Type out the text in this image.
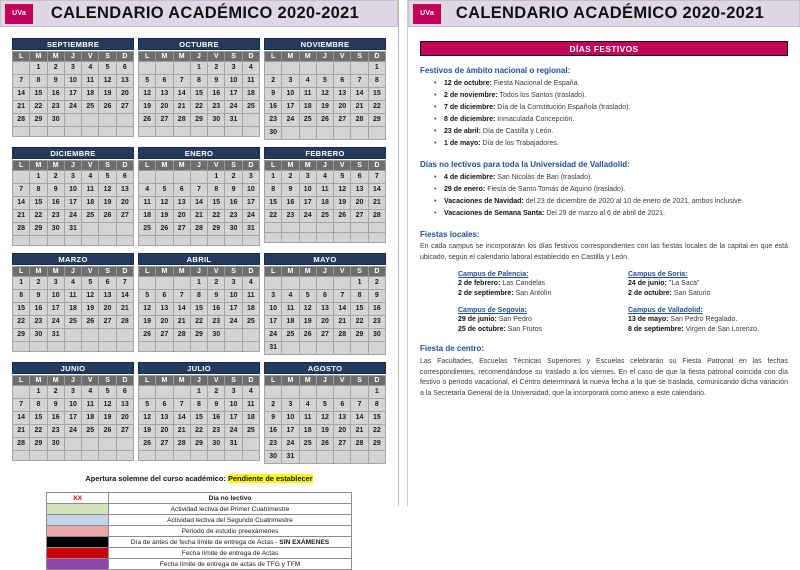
UVa	CALENDARIO ACADÉMICO 2020-2021
SEPTIEMBRE
L	M	M	J	V	S	D
	1	2	3	4	5	6
7	8	9	10	11	12	13
14	15	16	17	18	19	20
21	22	23	24	25	26	27
28	29	30				

OCTUBRE
L	M	M	J	V	S	D
			1	2	3	4
5	6	7	8	9	10	11
12	13	14	15	16	17	18
19	20	21	22	23	24	25
26	27	28	29	30	31	

NOVIEMBRE
L	M	M	J	V	S	D
						1
2	3	4	5	6	7	8
9	10	11	12	13	14	15
16	17	18	19	20	21	22
23	24	25	26	27	28	29
30						
DICIEMBRE
L	M	M	J	V	S	D
	1	2	3	4	5	6
7	8	9	10	11	12	13
14	15	16	17	18	19	20
21	22	23	24	25	26	27
28	29	30	31			

ENERO
L	M	M	J	V	S	D
				1	2	3
4	5	6	7	8	9	10
11	12	13	14	15	16	17
18	19	20	21	22	23	24
25	26	27	28	29	30	31

FEBRERO
L	M	M	J	V	S	D
1	2	3	4	5	6	7
8	9	10	11	12	13	14
15	16	17	18	19	20	21
22	23	24	25	26	27	28

MARZO
L	M	M	J	V	S	D
1	2	3	4	5	6	7
8	9	10	11	12	13	14
15	16	17	18	19	20	21
22	23	24	25	26	27	28
29	30	31				

ABRIL
L	M	M	J	V	S	D
			1	2	3	4
5	6	7	8	9	10	11
12	13	14	15	16	17	18
19	20	21	22	23	24	25
26	27	28	29	30		

MAYO
L	M	M	J	V	S	D
					1	2
3	4	5	6	7	8	9
10	11	12	13	14	15	16
17	18	19	20	21	22	23
24	25	26	27	28	29	30
31						
JUNIO
L	M	M	J	V	S	D
	1	2	3	4	5	6
7	8	9	10	11	12	13
14	15	16	17	18	19	20
21	22	23	24	25	26	27
28	29	30				

JULIO
L	M	M	J	V	S	D
			1	2	3	4
5	6	7	8	9	10	11
12	13	14	15	16	17	18
19	20	21	22	23	24	25
26	27	28	29	30	31	

AGOSTO
L	M	M	J	V	S	D
						1
2	3	4	5	6	7	8
9	10	11	12	13	14	15
16	17	18	19	20	21	22
23	24	25	26	27	28	29
30	31					
Apertura solemne del curso académico: Pendiente de establecer
XX	Día no lectivo
	Actividad lectiva del Primer Cuatrimestre
	Actividad lectiva del Segundo Cuatrimestre
	Periodo de estudio preexámenes
	Día de antes de fecha límite de entrega de Actas - SIN EXÁMENES
	Fecha límite de entrega de Actas
	Fecha límite de entrega de actas de TFG y TFM
UVa	CALENDARIO ACADÉMICO 2020-2021
DÍAS FESTIVOS
Festivos de ámbito nacional o regional:
• 12 de octubre: Fiesta Nacional de España.
• 2 de noviembre: Todos los Santos (traslado).
• 7 de diciembre: Día de la Constitución Española (traslado).
• 8 de diciembre: Inmaculada Concepción.
• 23 de abril: Día de Castilla y León.
• 1 de mayo: Día de los Trabajadores.
Días no lectivos para toda la Universidad de Valladolid:
• 4 de diciembre: San Nicolás de Bari (traslado).
• 29 de enero: Fiesta de Santo Tomás de Aquino (traslado).
• Vacaciones de Navidad: del 23 de diciembre de 2020 al 10 de enero de 2021, ambos inclusive.
• Vacaciones de Semana Santa: Del 29 de marzo al 6 de abril de 2021.
Fiestas locales:
En cada campus se incorporarán los días festivos correspondientes con las fiestas locales de la capital en que está ubicado, según el calendario laboral establecido en Castilla y León.
Campus de Palencia:
2 de febrero: Las Candelas
2 de septiembre: San Antolín
Campus de Soria:
24 de junio: "La Saca"
2 de octubre: San Saturio
Campus de Segovia:
29 de junio: San Pedro
25 de octubre: San Frutos
Campus de Valladolid:
13 de mayo: San Pedro Regalado.
8 de septiembre: Virgen de San Lorenzo.
Fiesta de centro:
Las Facultades, Escuelas Técnicas Superiores y Escuelas celebrarán su Fiesta Patronal en las fechas correspondientes, recomendándose su traslado a los viernes. En el caso de que la fiesta patronal coincida con día festivo o período vacacional, el Centro determinará la nueva fecha a la que se traslada, comunicando dicha variación a la Secretaría General de la Universidad, que la incorporará como anexo a este calendario.
